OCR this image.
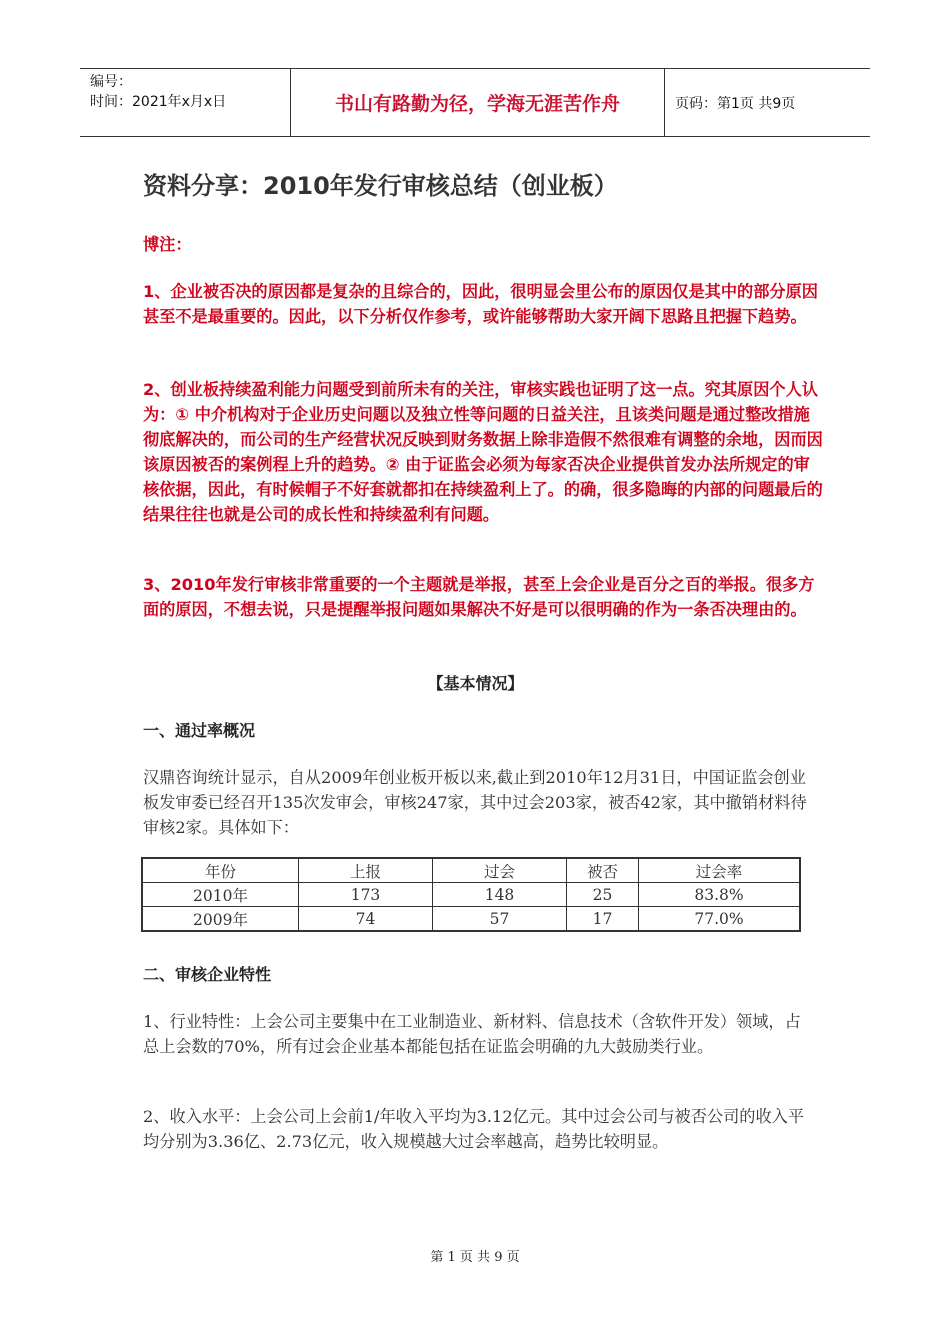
编号：
时间：2021年x月x日	书山有路勤为径，学海无涯苦作舟	页码：第1页 共9页
资料分享：2010年发行审核总结（创业板）
博注：

1、企业被否决的原因都是复杂的且综合的，因此，很明显会里公布的原因仅是其中的部分原因甚至不是最重要的。因此，以下分析仅作参考，或许能够帮助大家开阔下思路且把握下趋势。

2、创业板持续盈利能力问题受到前所未有的关注，审核实践也证明了这一点。究其原因个人认为：① 中介机构对于企业历史问题以及独立性等问题的日益关注，且该类问题是通过整改措施彻底解决的，而公司的生产经营状况反映到财务数据上除非造假不然很难有调整的余地，因而因该原因被否的案例程上升的趋势。② 由于证监会必须为每家否决企业提供首发办法所规定的审核依据，因此，有时候帽子不好套就都扣在持续盈利上了。的确，很多隐晦的内部的问题最后的结果往往也就是公司的成长性和持续盈利有问题。

3、2010年发行审核非常重要的一个主题就是举报，甚至上会企业是百分之百的举报。很多方面的原因，不想去说，只是提醒举报问题如果解决不好是可以很明确的作为一条否决理由的。

【基本情况】
一、通过率概况

汉鼎咨询统计显示，自从2009年创业板开板以来,截止到2010年12月31日，中国证监会创业板发审委已经召开135次发审会，审核247家，其中过会203家，被否42家，其中撤销材料待审核2家。具体如下：

年份	上报	过会	被否	过会率
2010年	173	148	25	83.8%
2009年	74	57	17	77.0%
二、审核企业特性

1、行业特性：上会公司主要集中在工业制造业、新材料、信息技术（含软件开发）领域，占总上会数的70%，所有过会企业基本都能包括在证监会明确的九大鼓励类行业。

2、收入水平：上会公司上会前1/年收入平均为3.12亿元。其中过会公司与被否公司的收入平均分别为3.36亿、2.73亿元，收入规模越大过会率越高，趋势比较明显。

第 1 页 共 9 页
